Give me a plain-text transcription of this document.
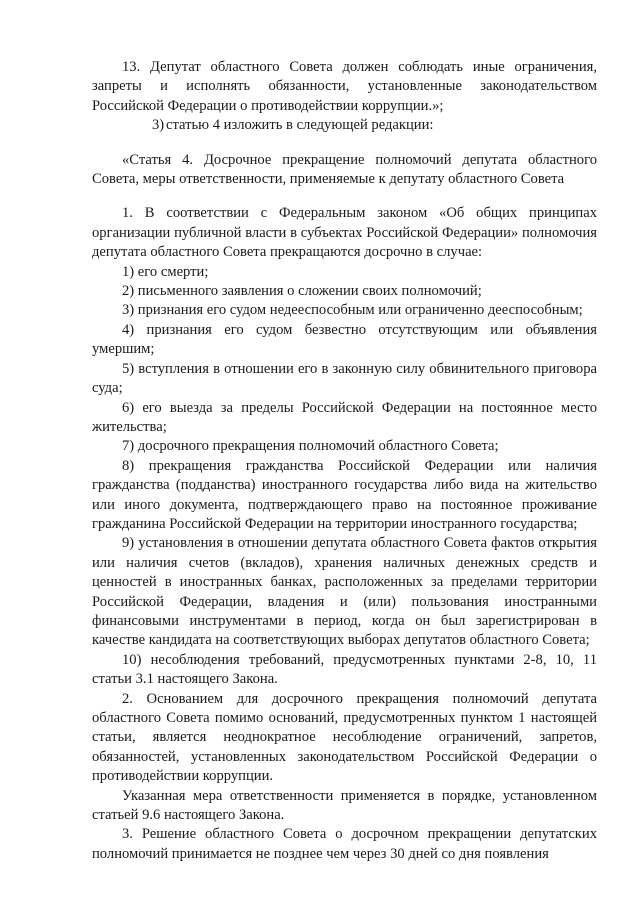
13. Депутат областного Совета должен соблюдать иные ограничения, запреты и исполнять обязанности, установленные законодательством Российской Федерации о противодействии коррупции.»;

3) статью 4 изложить в следующей редакции:

«Статья 4. Досрочное прекращение полномочий депутата областного Совета, меры ответственности, применяемые к депутату областного Совета

1. В соответствии с Федеральным законом «Об общих принципах организации публичной власти в субъектах Российской Федерации» полномочия депутата областного Совета прекращаются досрочно в случае:

1) его смерти;

2) письменного заявления о сложении своих полномочий;

3) признания его судом недееспособным или ограниченно дееспособным;

4) признания его судом безвестно отсутствующим или объявления умершим;

5) вступления в отношении его в законную силу обвинительного приговора суда;

6) его выезда за пределы Российской Федерации на постоянное место жительства;

7) досрочного прекращения полномочий областного Совета;

8) прекращения гражданства Российской Федерации или наличия гражданства (подданства) иностранного государства либо вида на жительство или иного документа, подтверждающего право на постоянное проживание гражданина Российской Федерации на территории иностранного государства;

9) установления в отношении депутата областного Совета фактов открытия или наличия счетов (вкладов), хранения наличных денежных средств и ценностей в иностранных банках, расположенных за пределами территории Российской Федерации, владения и (или) пользования иностранными финансовыми инструментами в период, когда он был зарегистрирован в качестве кандидата на соответствующих выборах депутатов областного Совета;

10) несоблюдения требований, предусмотренных пунктами 2-8, 10, 11 статьи 3.1 настоящего Закона.

2. Основанием для досрочного прекращения полномочий депутата областного Совета помимо оснований, предусмотренных пунктом 1 настоящей статьи, является неоднократное несоблюдение ограничений, запретов, обязанностей, установленных законодательством Российской Федерации о противодействии коррупции.

Указанная мера ответственности применяется в порядке, установленном статьей 9.6 настоящего Закона.

3. Решение областного Совета о досрочном прекращении депутатских полномочий принимается не позднее чем через 30 дней со дня появления
